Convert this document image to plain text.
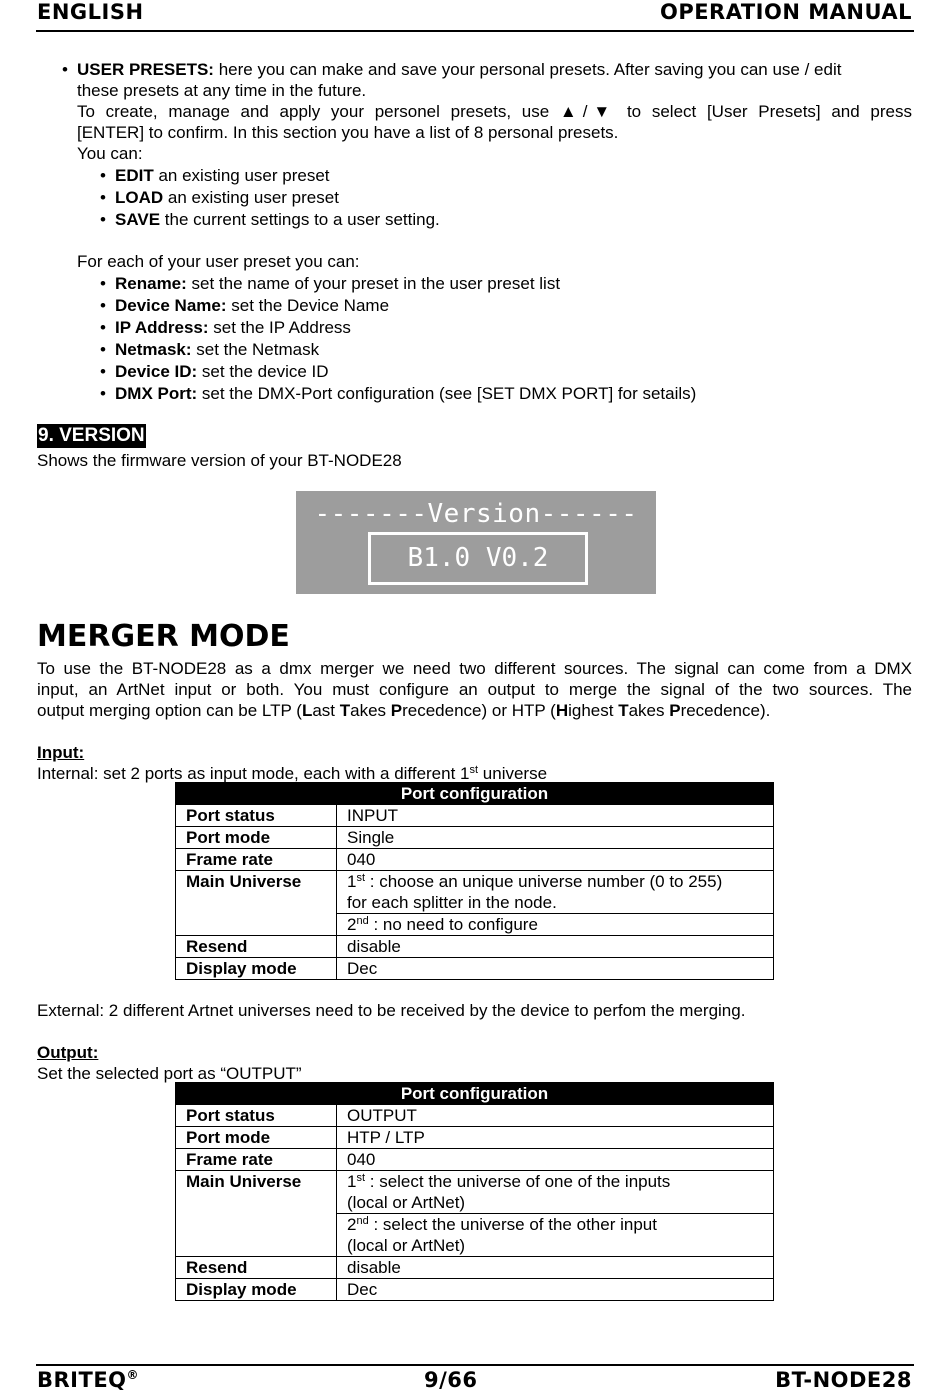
ENGLISH	OPERATION MANUAL
• USER PRESETS: here you can make and save your personal presets. After saving you can use / edit
these presets at any time in the future.
To create, manage and apply your personel presets, use ▲/▼ to select [User Presets] and press
[ENTER] to confirm. In this section you have a list of 8 personal presets.
You can:
• EDIT an existing user preset
• LOAD an existing user preset
• SAVE the current settings to a user setting.
For each of your user preset you can:
• Rename: set the name of your preset in the user preset list
• Device Name: set the Device Name
• IP Address: set the IP Address
• Netmask: set the Netmask
• Device ID: set the device ID
• DMX Port: set the DMX-Port configuration (see [SET DMX PORT] for setails)
9. VERSION
Shows the firmware version of your BT-NODE28
-------Version------
B1.0 V0.2
MERGER MODE
To use the BT-NODE28 as a dmx merger we need two different sources. The signal can come from a DMX
input, an ArtNet input or both. You must configure an output to merge the signal of the two sources. The
output merging option can be LTP (Last Takes Precedence) or HTP (Highest Takes Precedence).
Input:
Internal: set 2 ports as input mode, each with a different 1st universe
Port configuration	
Port status	INPUT
Port mode	Single
Frame rate	040
Main Universe	1st : choose an unique universe number (0 to 255)
for each splitter in the node.
	2nd : no need to configure
Resend	disable
Display mode	Dec
External: 2 different Artnet universes need to be received by the device to perfom the merging.
Output:
Set the selected port as “OUTPUT”
Port configuration	
Port status	OUTPUT
Port mode	HTP / LTP
Frame rate	040
Main Universe	1st : select the universe of one of the inputs
(local or ArtNet)
	2nd : select the universe of the other input
(local or ArtNet)
Resend	disable
Display mode	Dec
BRITEQ®	9/66	BT-NODE28
